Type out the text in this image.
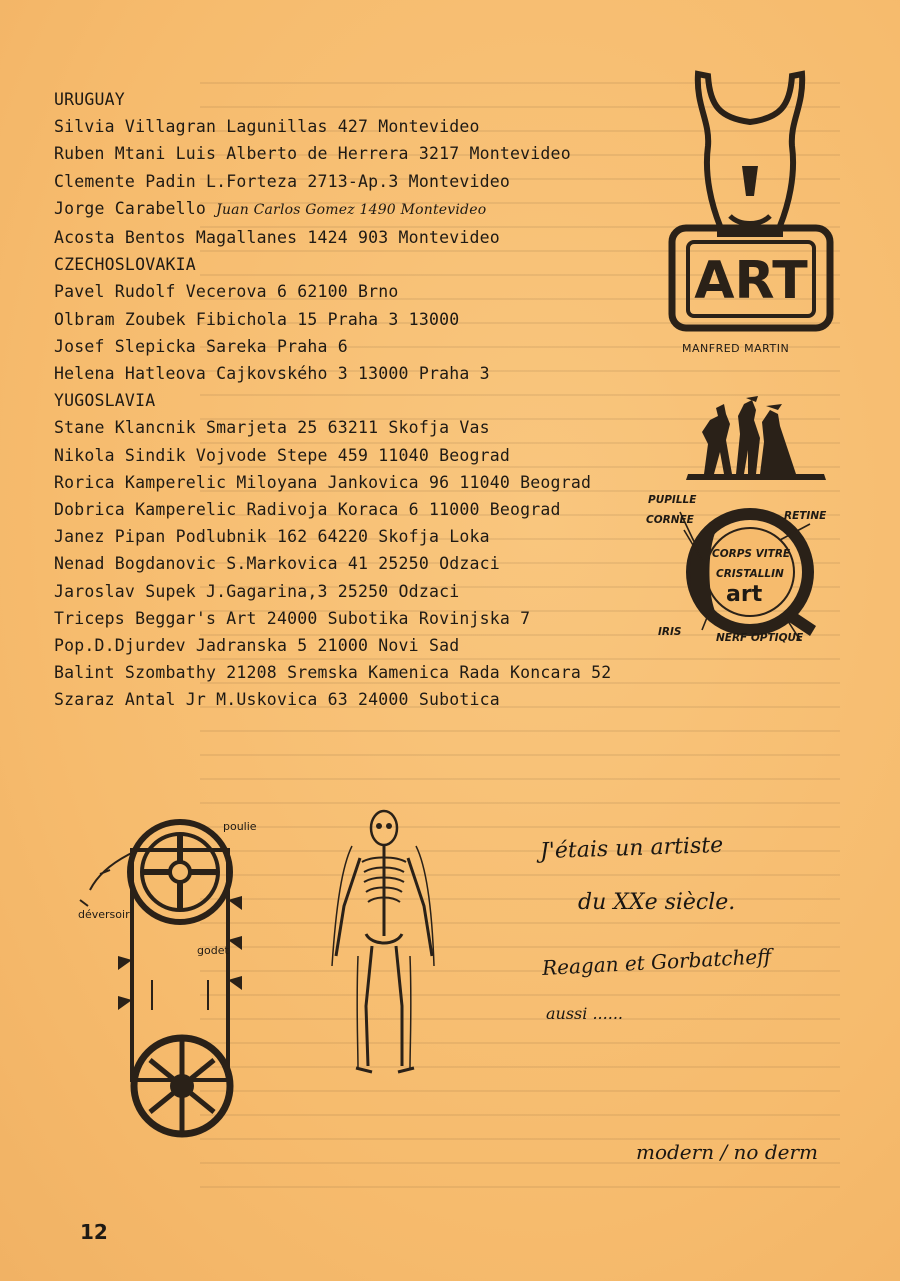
URUGUAY
Silvia Villagran Lagunillas 427 Montevideo
Ruben Mtani Luis Alberto de Herrera 3217 Montevideo
Clemente Padin L.Forteza 2713-Ap.3 Montevideo
Jorge Carabello Juan Carlos Gomez 1490 Montevideo
Acosta Bentos Magallanes 1424 903 Montevideo
CZECHOSLOVAKIA
Pavel Rudolf Vecerova 6 62100 Brno
Olbram Zoubek Fibichola 15 Praha 3 13000
Josef Slepicka Sareka Praha 6
Helena Hatleova Cajkovského 3 13000 Praha 3
YUGOSLAVIA
Stane Klancnik Smarjeta 25 63211 Skofja Vas
Nikola Sindik Vojvode Stepe 459 11040 Beograd
Rorica Kamperelic Miloyana Jankovica 96 11040 Beograd
Dobrica Kamperelic Radivoja Koraca 6 11000 Beograd
Janez Pipan Podlubnik 162 64220 Skofja Loka
Nenad Bogdanovic S.Markovica 41 25250 Odzaci
Jaroslav Supek J.Gagarina,3 25250 Odzaci
Triceps Beggar's Art 24000 Subotika Rovinjska 7
Pop.D.Djurdev Jadranska 5 21000 Novi Sad
Balint Szombathy 21208 Sremska Kamenica Rada Koncara 52
Szaraz Antal Jr M.Uskovica 63 24000 Subotica
ART
MANFRED MARTIN
PUPILLE
CORNEE	RETINE
CORPS VITRE
CRISTALLIN
art
IRIS	NERF OPTIQUE
poulie
déversoir
godet
J'étais un artiste
du XXe siècle.
Reagan et Gorbatcheff
aussi ......
modern / no derm
12
